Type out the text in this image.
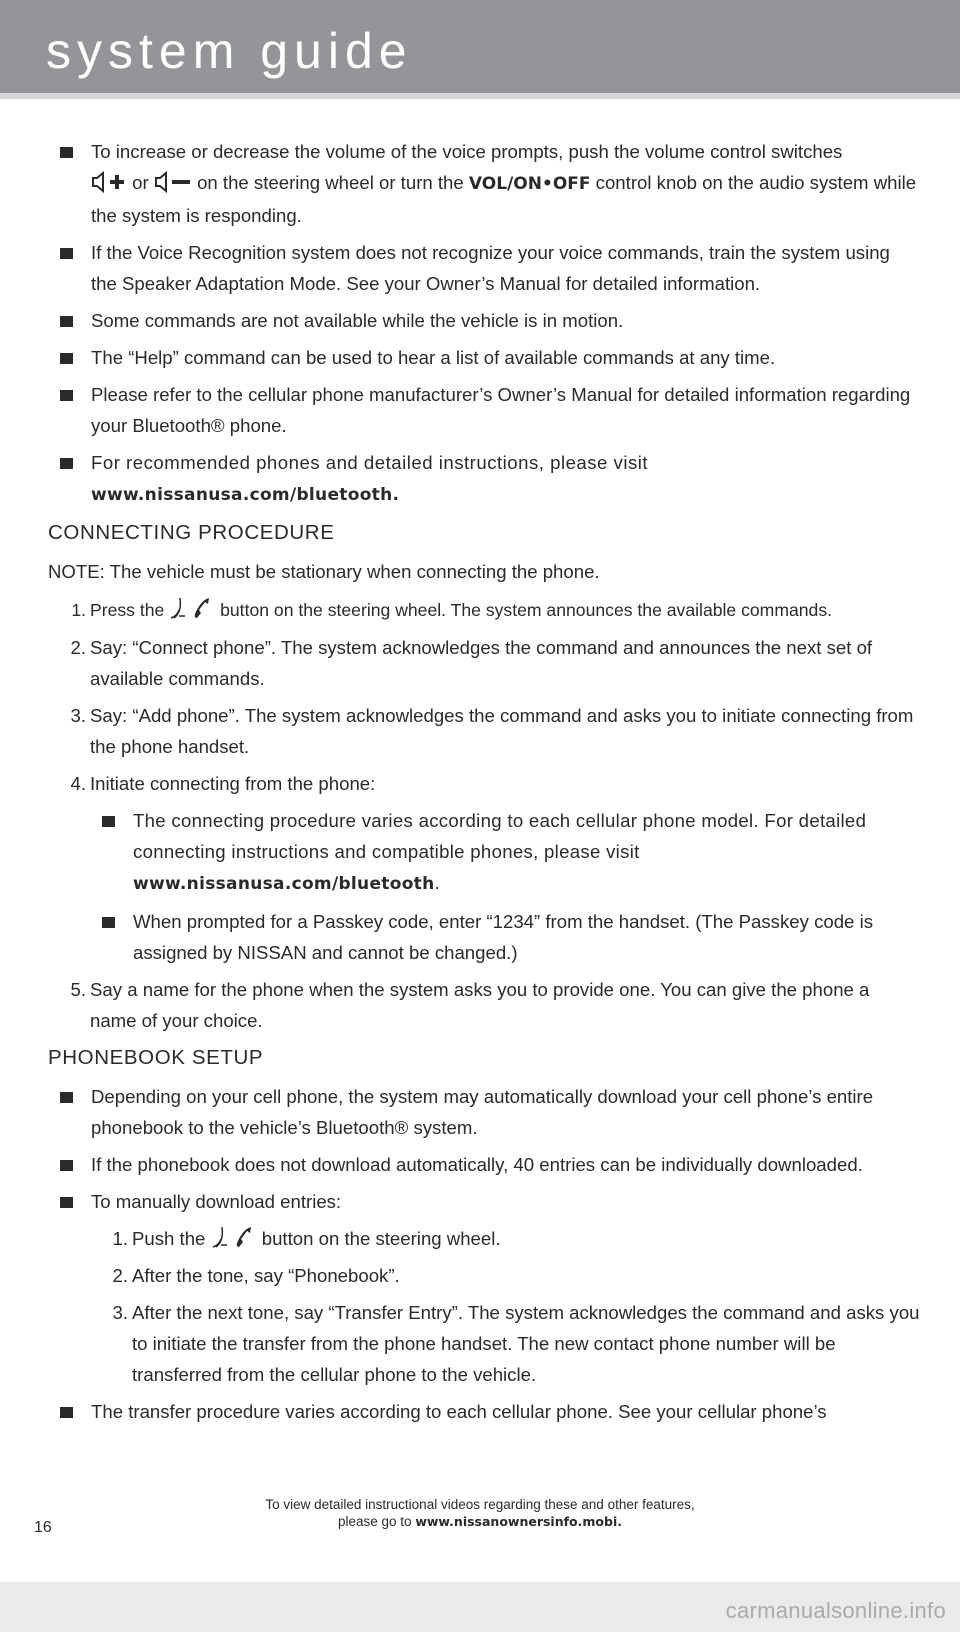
system guide
To increase or decrease the volume of the voice prompts, push the volume control switches
or	on the steering wheel or turn the VOL/ON•OFF control knob on the audio system while the system is responding.
If the Voice Recognition system does not recognize your voice commands, train the system using the Speaker Adaptation Mode. See your Owner’s Manual for detailed information.
Some commands are not available while the vehicle is in motion.
The “Help” command can be used to hear a list of available commands at any time.
Please refer to the cellular phone manufacturer’s Owner’s Manual for detailed information regarding your Bluetooth® phone.
For recommended phones and detailed instructions, please visit
www.nissanusa.com/bluetooth.
CONNECTING PROCEDURE
NOTE: The vehicle must be stationary when connecting the phone.
1. Press the	button on the steering wheel. The system announces the available commands.
2. Say: “Connect phone”. The system acknowledges the command and announces the next set of available commands.
3. Say: “Add phone”. The system acknowledges the command and asks you to initiate connecting from the phone handset.
4. Initiate connecting from the phone:
The connecting procedure varies according to each cellular phone model. For detailed connecting instructions and compatible phones, please visit
www.nissanusa.com/bluetooth.
When prompted for a Passkey code, enter “1234” from the handset. (The Passkey code is assigned by NISSAN and cannot be changed.)
5. Say a name for the phone when the system asks you to provide one. You can give the phone a name of your choice.
PHONEBOOK SETUP
Depending on your cell phone, the system may automatically download your cell phone’s entire phonebook to the vehicle’s Bluetooth® system.
If the phonebook does not download automatically, 40 entries can be individually downloaded.
To manually download entries:
1. Push the	button on the steering wheel.
2. After the tone, say “Phonebook”.
3. After the next tone, say “Transfer Entry”. The system acknowledges the command and asks you to initiate the transfer from the phone handset. The new contact phone number will be transferred from the cellular phone to the vehicle.
The transfer procedure varies according to each cellular phone. See your cellular phone’s
To view detailed instructional videos regarding these and other features,
please go to www.nissanownersinfo.mobi.
16
carmanualsonline.info
